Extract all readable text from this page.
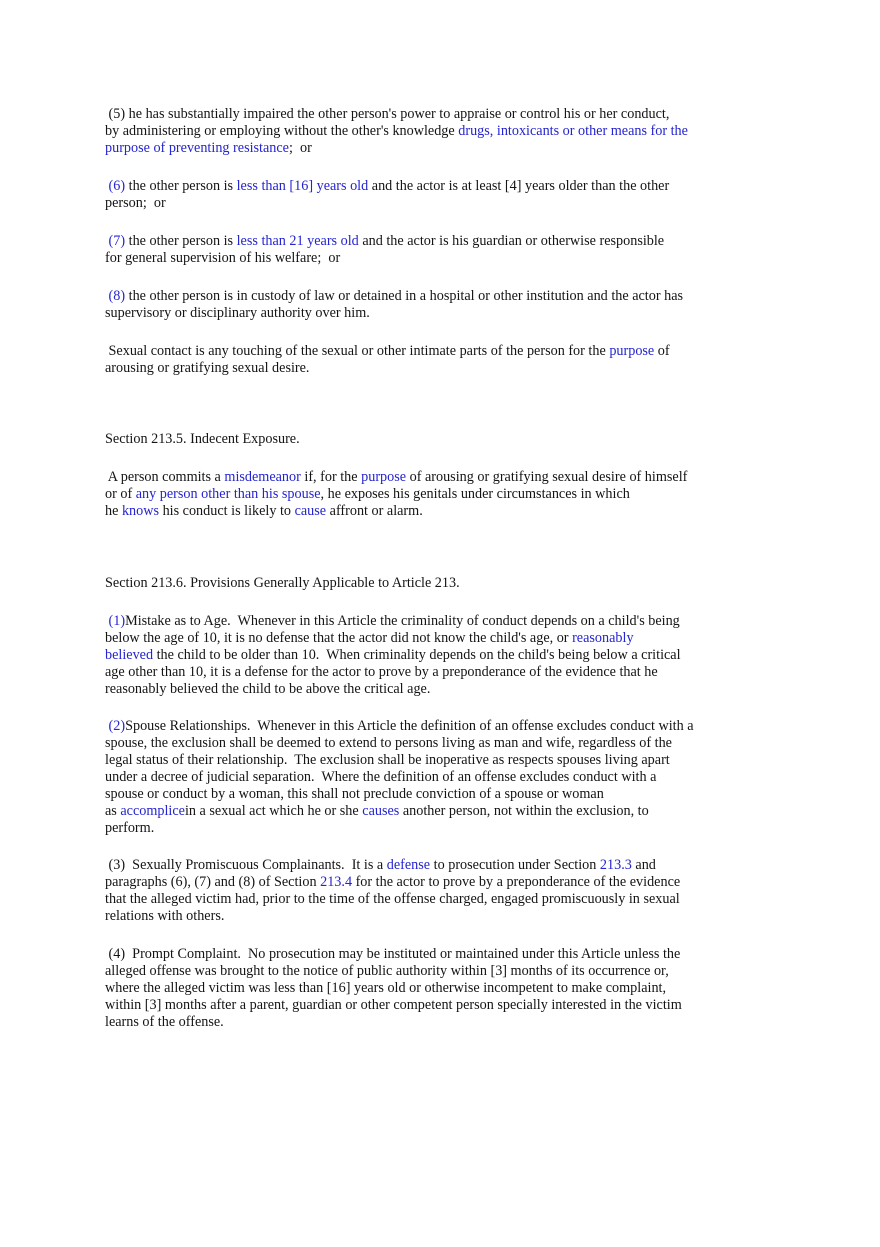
(5) he has substantially impaired the other person's power to appraise or control his or her conduct,
by administering or employing without the other's knowledge drugs, intoxicants or other means for the
purpose of preventing resistance;  or

(6) the other person is less than [16] years old and the actor is at least [4] years older than the other
person;  or

(7) the other person is less than 21 years old and the actor is his guardian or otherwise responsible
for general supervision of his welfare;  or

(8) the other person is in custody of law or detained in a hospital or other institution and the actor has
supervisory or disciplinary authority over him.

Sexual contact is any touching of the sexual or other intimate parts of the person for the purpose of
arousing or gratifying sexual desire.

Section 213.5. Indecent Exposure.

A person commits a misdemeanor if, for the purpose of arousing or gratifying sexual desire of himself
or of any person other than his spouse, he exposes his genitals under circumstances in which
he knows his conduct is likely to cause affront or alarm.

Section 213.6. Provisions Generally Applicable to Article 213.

(1)Mistake as to Age.  Whenever in this Article the criminality of conduct depends on a child's being
below the age of 10, it is no defense that the actor did not know the child's age, or reasonably
believed the child to be older than 10.  When criminality depends on the child's being below a critical
age other than 10, it is a defense for the actor to prove by a preponderance of the evidence that he
reasonably believed the child to be above the critical age.

(2)Spouse Relationships.  Whenever in this Article the definition of an offense excludes conduct with a
spouse, the exclusion shall be deemed to extend to persons living as man and wife, regardless of the
legal status of their relationship.  The exclusion shall be inoperative as respects spouses living apart
under a decree of judicial separation.  Where the definition of an offense excludes conduct with a
spouse or conduct by a woman, this shall not preclude conviction of a spouse or woman
as accomplicein a sexual act which he or she causes another person, not within the exclusion, to
perform.

(3)  Sexually Promiscuous Complainants.  It is a defense to prosecution under Section 213.3 and
paragraphs (6), (7) and (8) of Section 213.4 for the actor to prove by a preponderance of the evidence
that the alleged victim had, prior to the time of the offense charged, engaged promiscuously in sexual
relations with others.

(4)  Prompt Complaint.  No prosecution may be instituted or maintained under this Article unless the
alleged offense was brought to the notice of public authority within [3] months of its occurrence or,
where the alleged victim was less than [16] years old or otherwise incompetent to make complaint,
within [3] months after a parent, guardian or other competent person specially interested in the victim
learns of the offense.
